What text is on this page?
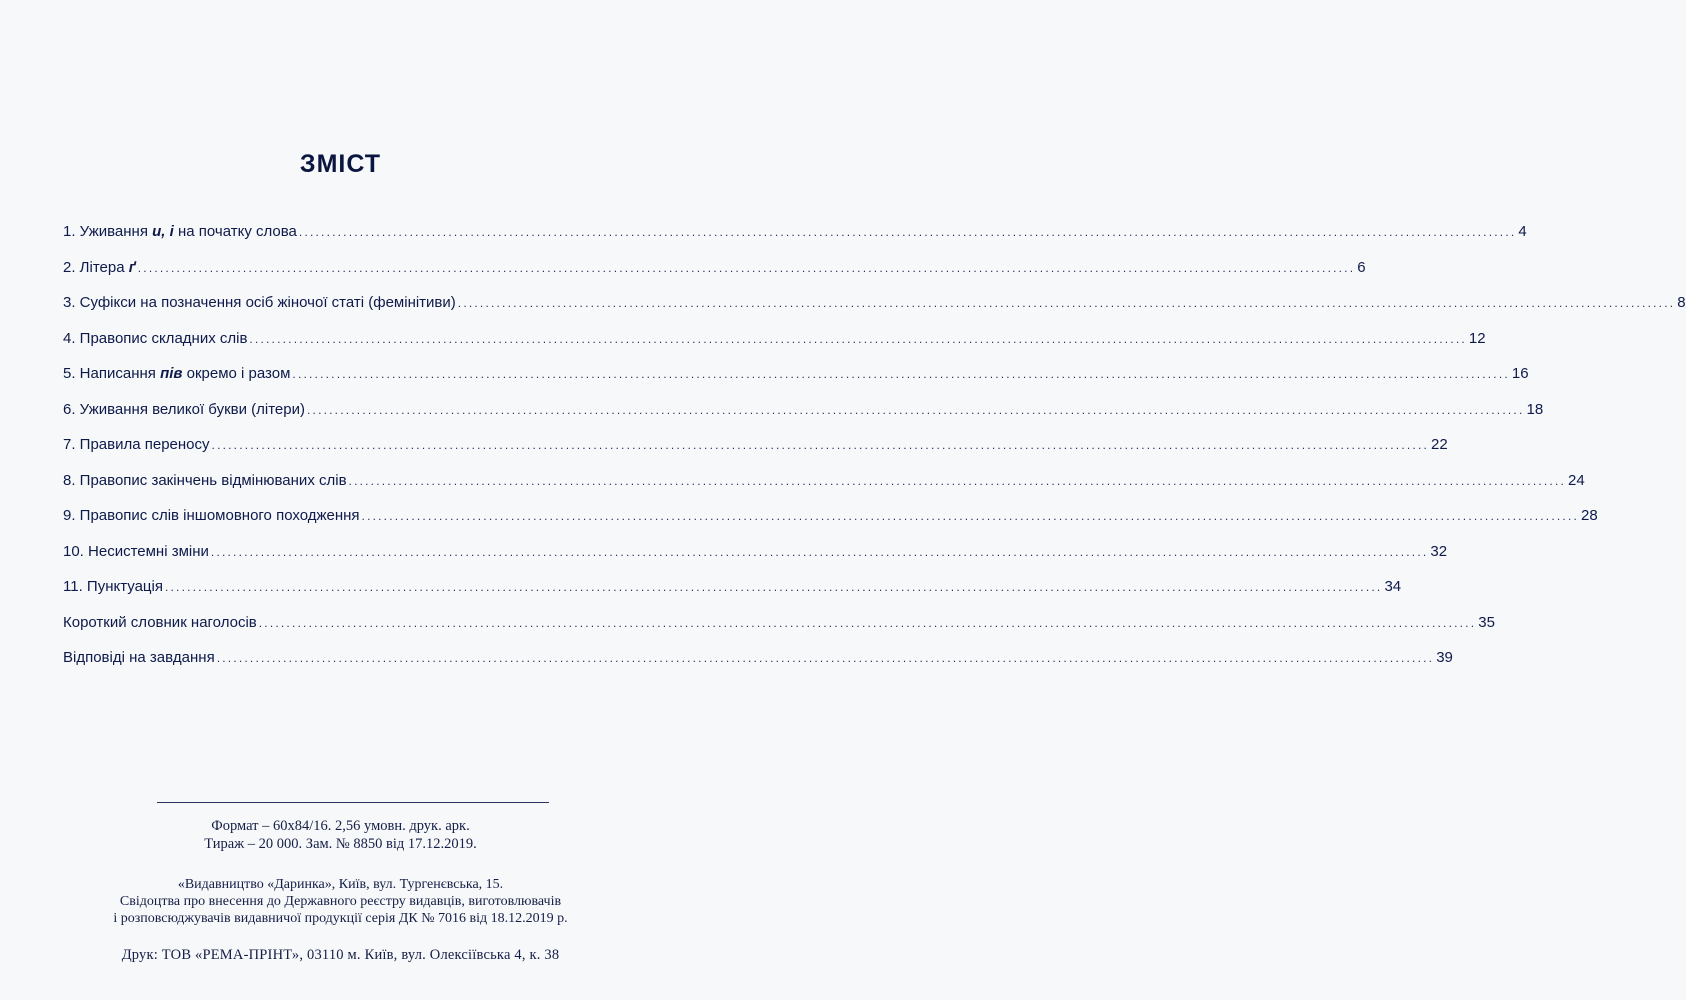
ЗМІСТ
1. Уживання и, і на початку слова ............................................................................................................................................................................................................................ 4
2. Літера ґ ............................................................................................................................................................................................................................ 6
3. Суфікси на позначення осіб жіночої статі (фемінітиви) ............................................................................................................................................................................................................................ 8
4. Правопис складних слів ............................................................................................................................................................................................................................ 12
5. Написання пів окремо і разом ............................................................................................................................................................................................................................ 16
6. Уживання великої букви (літери) ............................................................................................................................................................................................................................ 18
7. Правила переносу ............................................................................................................................................................................................................................ 22
8. Правопис закінчень відмінюваних слів ............................................................................................................................................................................................................................ 24
9. Правопис слів іншомовного походження ............................................................................................................................................................................................................................ 28
10. Несистемні зміни ............................................................................................................................................................................................................................ 32
11. Пунктуація ............................................................................................................................................................................................................................ 34
Короткий словник наголосів ............................................................................................................................................................................................................................ 35
Відповіді на завдання ............................................................................................................................................................................................................................ 39
Формат – 60x84/16. 2,56 умовн. друк. арк.
Тираж – 20 000. Зам. № 8850 від 17.12.2019.
«Видавництво «Даринка», Київ, вул. Тургенєвська, 15.
Свідоцтва про внесення до Державного реєстру видавців, виготовлювачів
і розповсюджувачів видавничої продукції серія ДК № 7016 від 18.12.2019 р.
Друк: ТОВ «РЕМА-ПРІНТ», 03110 м. Київ, вул. Олексіївська 4, к. 38
